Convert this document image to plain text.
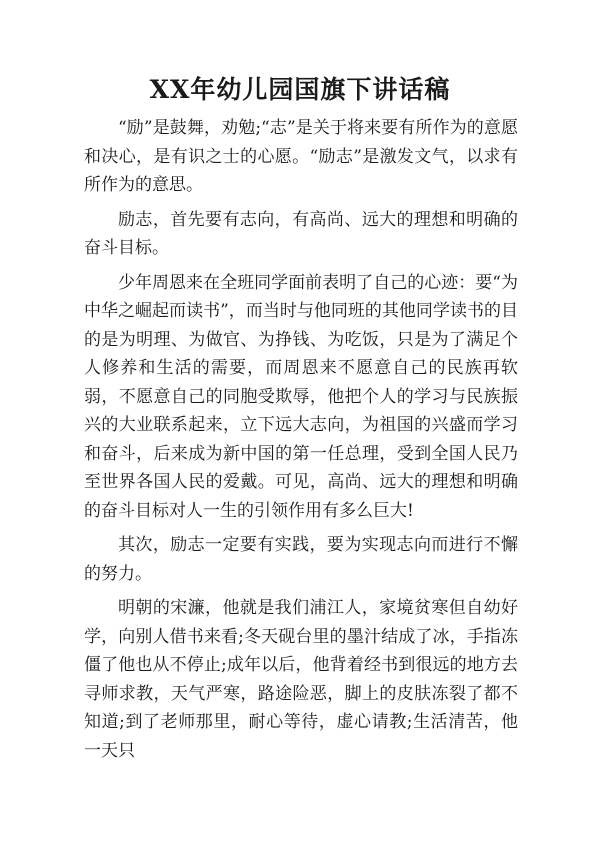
XX年幼儿园国旗下讲话稿

“励”是鼓舞，劝勉;“志”是关于将来要有所作为的意愿和决心，是有识之士的心愿。“励志”是激发文气，以求有所作为的意思。

励志，首先要有志向，有高尚、远大的理想和明确的奋斗目标。

少年周恩来在全班同学面前表明了自己的心迹：要“为中华之崛起而读书”，而当时与他同班的其他同学读书的目的是为明理、为做官、为挣钱、为吃饭，只是为了满足个人修养和生活的需要，而周恩来不愿意自己的民族再软弱，不愿意自己的同胞受欺辱，他把个人的学习与民族振兴的大业联系起来，立下远大志向，为祖国的兴盛而学习和奋斗，后来成为新中国的第一任总理，受到全国人民乃至世界各国人民的爱戴。可见，高尚、远大的理想和明确的奋斗目标对人一生的引领作用有多么巨大!

其次，励志一定要有实践，要为实现志向而进行不懈的努力。

明朝的宋濂，他就是我们浦江人，家境贫寒但自幼好学，向别人借书来看;冬天砚台里的墨汁结成了冰，手指冻僵了他也从不停止;成年以后，他背着经书到很远的地方去寻师求教，天气严寒，路途险恶，脚上的皮肤冻裂了都不知道;到了老师那里，耐心等待，虚心请教;生活清苦，他一天只
